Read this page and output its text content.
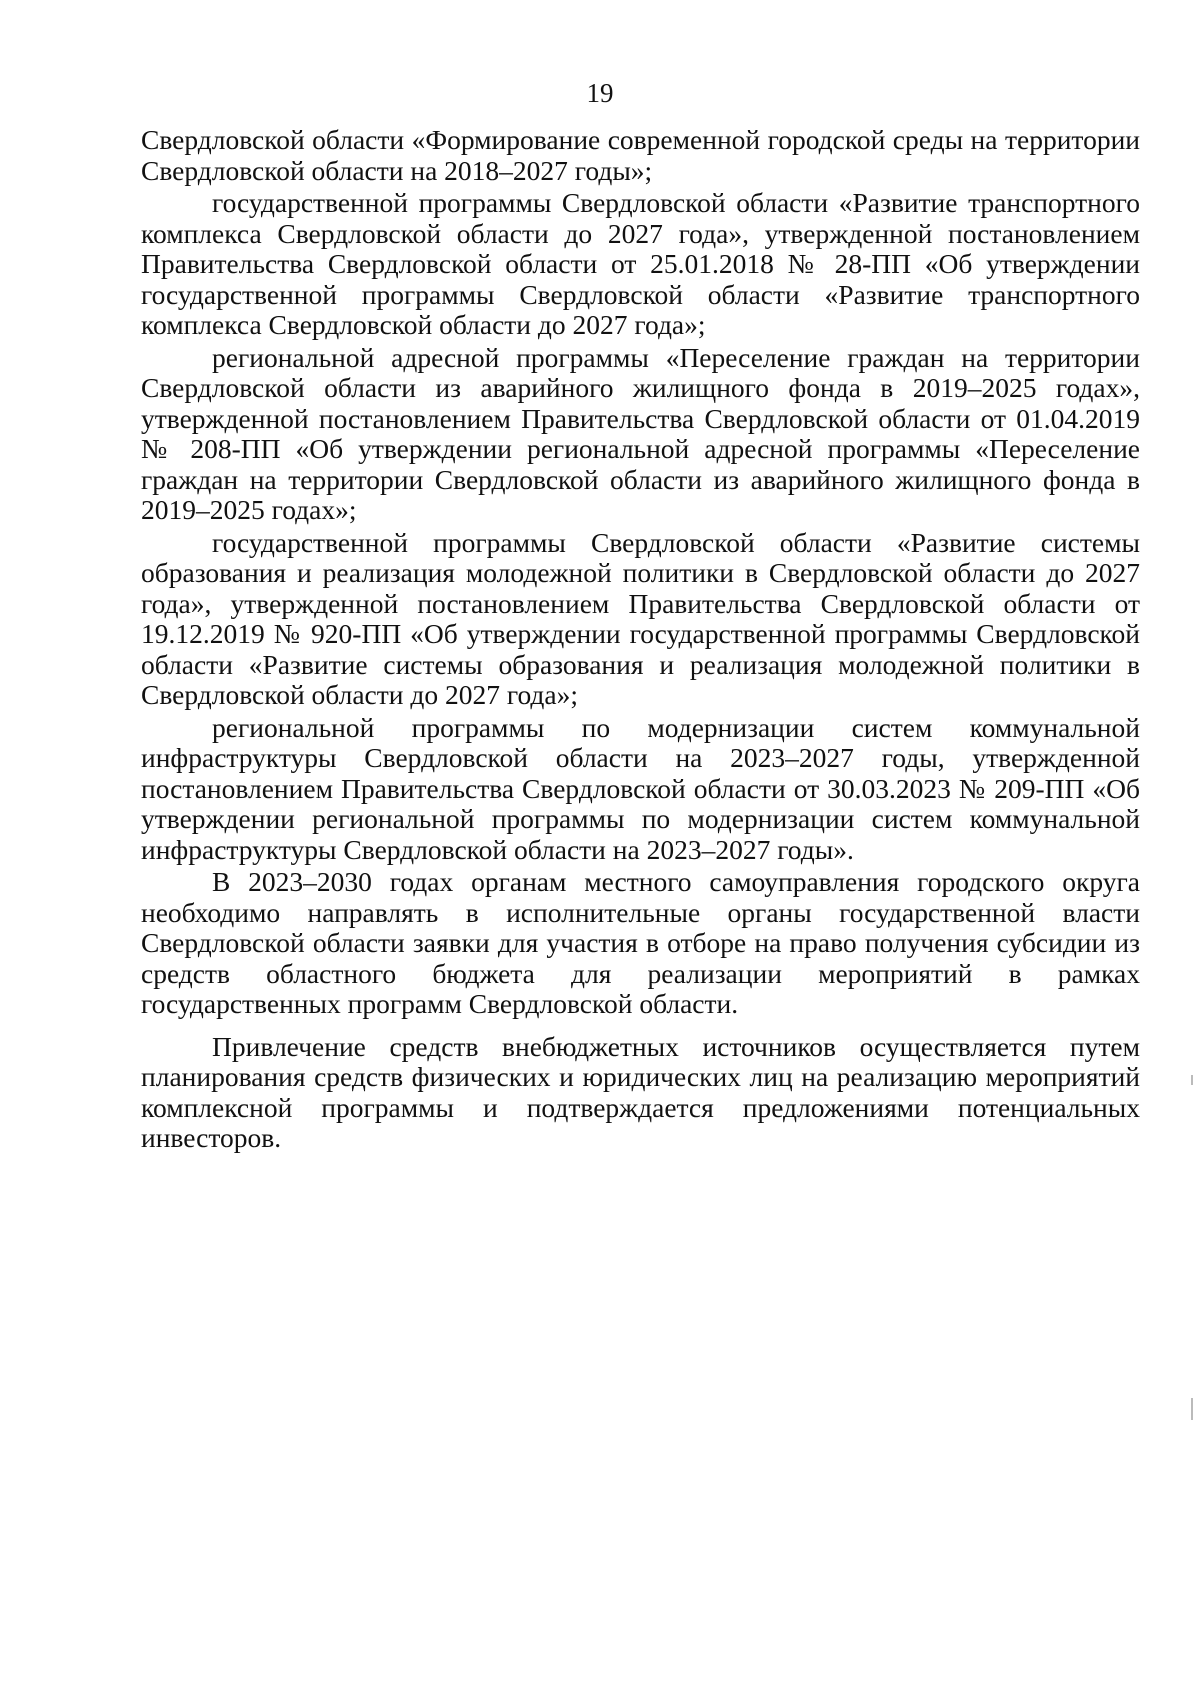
19

Свердловской области «Формирование современной городской среды на территории Свердловской области на 2018–2027 годы»;

государственной программы Свердловской области «Развитие транспортного комплекса Свердловской области до 2027 года», утвержденной постановлением Правительства Свердловской области от 25.01.2018 № 28-ПП «Об утверждении государственной программы Свердловской области «Развитие транспортного комплекса Свердловской области до 2027 года»;

региональной адресной программы «Переселение граждан на территории Свердловской области из аварийного жилищного фонда в 2019–2025 годах», утвержденной постановлением Правительства Свердловской области от 01.04.2019 № 208-ПП «Об утверждении региональной адресной программы «Переселение граждан на территории Свердловской области из аварийного жилищного фонда в 2019–2025 годах»;

государственной программы Свердловской области «Развитие системы образования и реализация молодежной политики в Свердловской области до 2027 года», утвержденной постановлением Правительства Свердловской области от 19.12.2019 № 920-ПП «Об утверждении государственной программы Свердловской области «Развитие системы образования и реализация молодежной политики в Свердловской области до 2027 года»;

региональной программы по модернизации систем коммунальной инфраструктуры Свердловской области на 2023–2027 годы, утвержденной постановлением Правительства Свердловской области от 30.03.2023 № 209-ПП «Об утверждении региональной программы по модернизации систем коммунальной инфраструктуры Свердловской области на 2023–2027 годы».

В 2023–2030 годах органам местного самоуправления городского округа необходимо направлять в исполнительные органы государственной власти Свердловской области заявки для участия в отборе на право получения субсидии из средств областного бюджета для реализации мероприятий в рамках государственных программ Свердловской области.

Привлечение средств внебюджетных источников осуществляется путем планирования средств физических и юридических лиц на реализацию мероприятий комплексной программы и подтверждается предложениями потенциальных инвесторов.
